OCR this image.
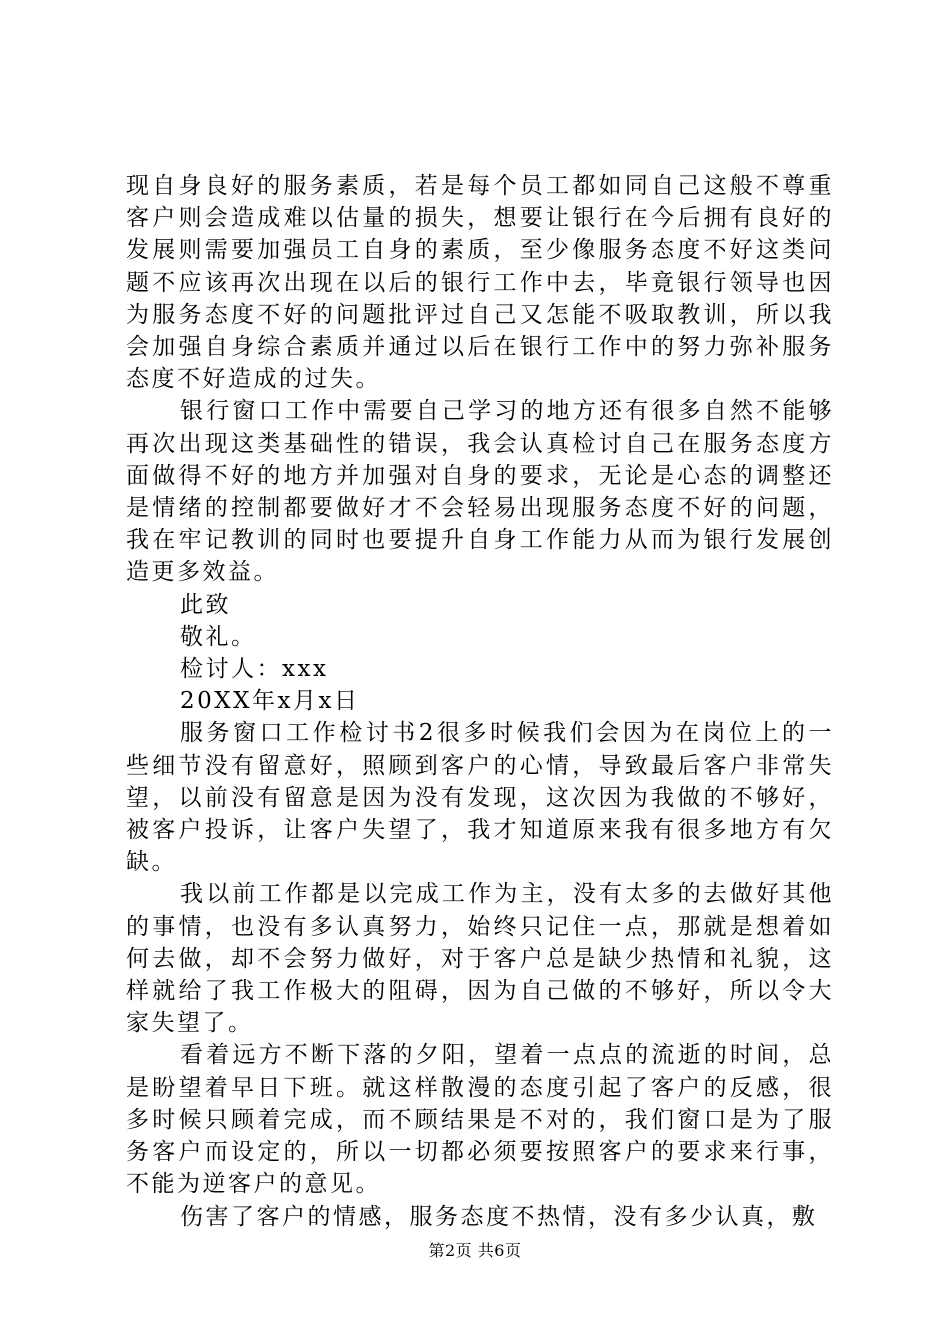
现自身良好的服务素质，若是每个员工都如同自己这般不尊重客户则会造成难以估量的损失，想要让银行在今后拥有良好的发展则需要加强员工自身的素质，至少像服务态度不好这类问题不应该再次出现在以后的银行工作中去，毕竟银行领导也因为服务态度不好的问题批评过自己又怎能不吸取教训，所以我会加强自身综合素质并通过以后在银行工作中的努力弥补服务态度不好造成的过失。

银行窗口工作中需要自己学习的地方还有很多自然不能够再次出现这类基础性的错误，我会认真检讨自己在服务态度方面做得不好的地方并加强对自身的要求，无论是心态的调整还是情绪的控制都要做好才不会轻易出现服务态度不好的问题，我在牢记教训的同时也要提升自身工作能力从而为银行发展创造更多效益。

此致

敬礼。

检讨人：xxx

20XX年x月x日

服务窗口工作检讨书2很多时候我们会因为在岗位上的一些细节没有留意好，照顾到客户的心情，导致最后客户非常失望，以前没有留意是因为没有发现，这次因为我做的不够好，被客户投诉，让客户失望了，我才知道原来我有很多地方有欠缺。

我以前工作都是以完成工作为主，没有太多的去做好其他的事情，也没有多认真努力，始终只记住一点，那就是想着如何去做，却不会努力做好，对于客户总是缺少热情和礼貌，这样就给了我工作极大的阻碍，因为自己做的不够好，所以令大家失望了。

看着远方不断下落的夕阳，望着一点点的流逝的时间，总是盼望着早日下班。就这样散漫的态度引起了客户的反感，很多时候只顾着完成，而不顾结果是不对的，我们窗口是为了服务客户而设定的，所以一切都必须要按照客户的要求来行事，不能为逆客户的意见。

伤害了客户的情感，服务态度不热情，没有多少认真，敷

第2页 共6页
